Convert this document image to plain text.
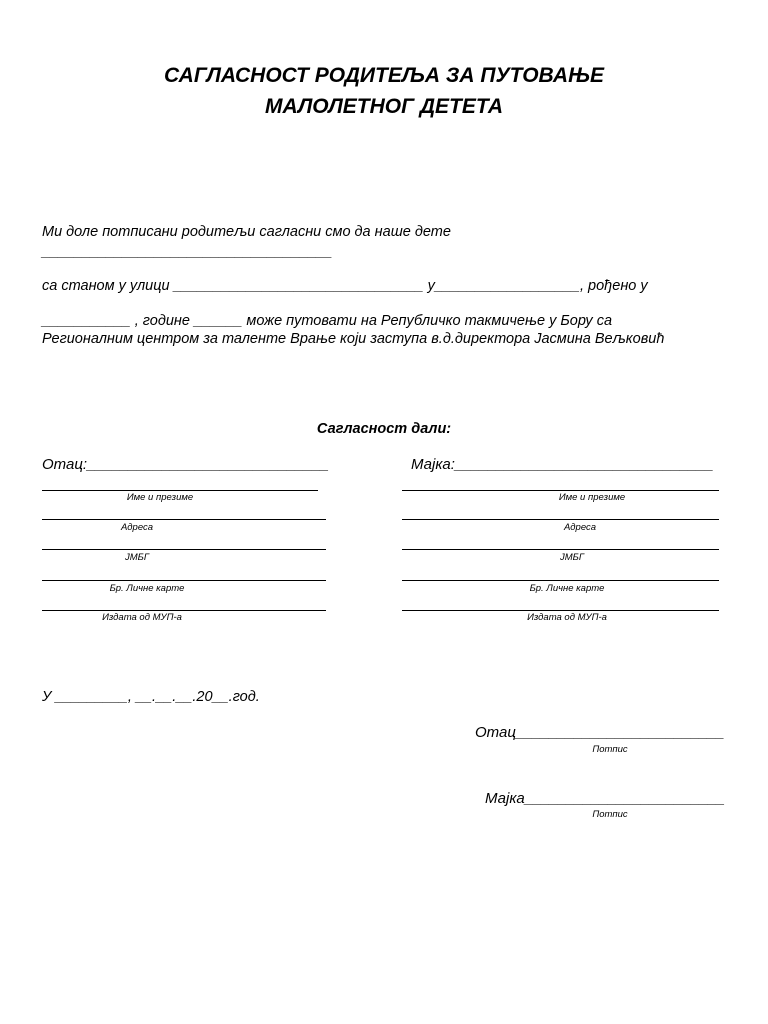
САГЛАСНОСТ РОДИТЕЉА ЗА ПУТОВАЊЕ
МАЛОЛЕТНОГ ДЕТЕТА
Ми доле потписани родитељи сагласни смо да наше дете
____________________________________
са станом у улици _______________________________ у__________________, рођено у
___________ , године ______ може путовати на Републичко такмичење у Бору са
Регионалним центром за таленте Врање који заступа в.д.директора Јасмина Вељковић
Сагласност дали:
Отац:_____________________________
Име и презиме
Адреса
ЈМБГ
Бр. Личне карте
Издата од МУП-а
Мајка:_______________________________
Име и презиме
Адреса
ЈМБГ
Бр. Личне карте
Издата од МУП-а
У _________, __.__.__.20__.год.
Отац_________________________
Потпис
Мајка________________________
Потпис
